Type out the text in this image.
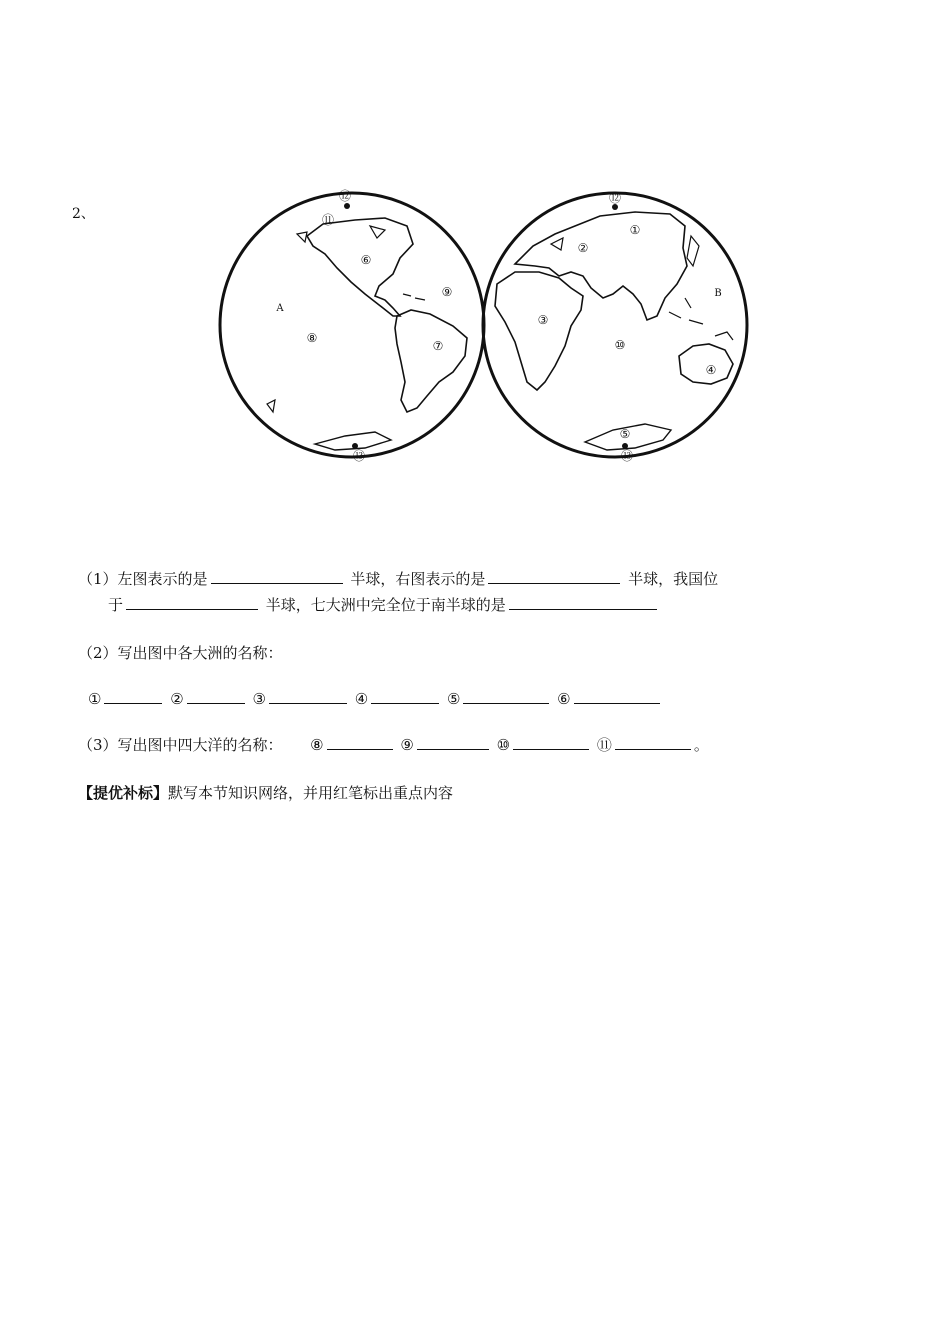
2、
⑫
⑪
⑥
⑨
A
⑧
⑦
⑬
⑫
②
①
B
③
⑩
④
⑤
⑬
（1）左图表示的是	半球，右图表示的是	半球，我国位
于	半球，七大洲中完全位于南半球的是
（2）写出图中各大洲的名称：
①	②	③	④	⑤	⑥
（3）写出图中四大洋的名称： ⑧	⑨	⑩	⑪	。
【提优补标】默写本节知识网络，并用红笔标出重点内容
